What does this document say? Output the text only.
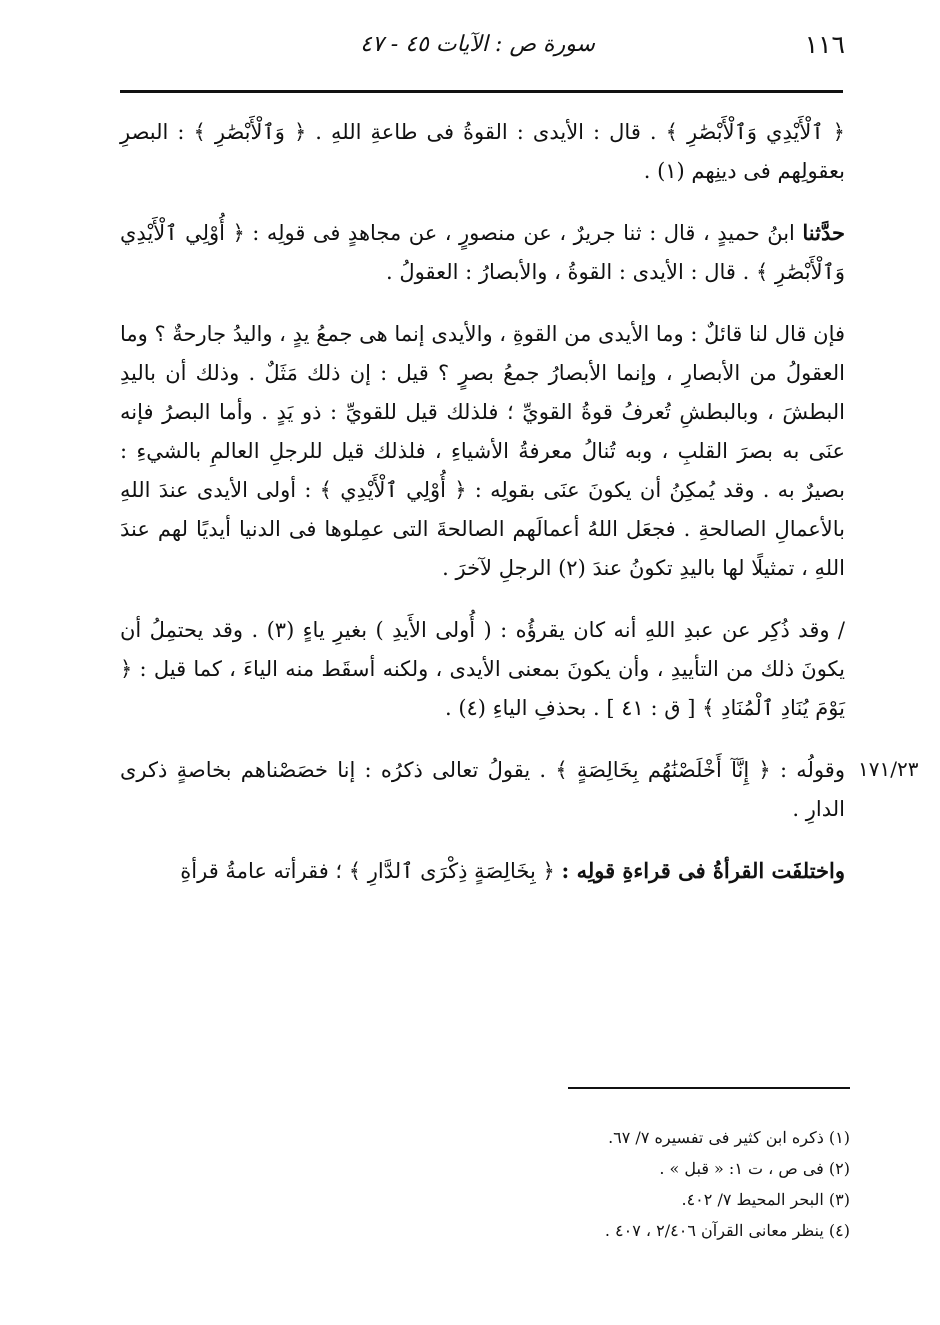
١١٦
سورة ص : الآيات ٤٥ - ٤٧

﴿ ٱلْأَيْدِي وَٱلْأَبْصَٰرِ ﴾ . قال : الأيدى : القوةُ فى طاعةِ اللهِ . ﴿ وَٱلْأَبْصَٰرِ ﴾ : البصرِ بعقولِهم فى دينِهم (١) .

حدَّثنا ابنُ حميدٍ ، قال : ثنا جريرٌ ، عن منصورٍ ، عن مجاهدٍ فى قولِه : ﴿ أُوْلِي ٱلْأَيْدِي وَٱلْأَبْصَٰرِ ﴾ . قال : الأيدى : القوةُ ، والأبصارُ : العقولُ .

فإن قال لنا قائلٌ : وما الأيدى من القوةِ ، والأيدى إنما هى جمعُ يدٍ ، واليدُ جارحةٌ ؟ وما العقولُ من الأبصارِ ، وإنما الأبصارُ جمعُ بصرٍ ؟ قيل : إن ذلك مَثَلٌ . وذلك أن باليدِ البطشَ ، وبالبطشِ تُعرفُ قوةُ القويِّ ؛ فلذلك قيل للقويِّ : ذو يَدٍ . وأما البصرُ فإنه عنَى به بصرَ القلبِ ، وبه تُنالُ معرفةُ الأشياءِ ، فلذلك قيل للرجلِ العالمِ بالشيءِ : بصيرٌ به . وقد يُمكِنُ أن يكونَ عنَى بقولِه : ﴿ أُوْلِي ٱلْأَيْدِي ﴾ : أولى الأيدى عندَ اللهِ بالأعمالِ الصالحةِ . فجعَل اللهُ أعمالَهم الصالحةَ التى عمِلوها فى الدنيا أيديًا لهم عندَ اللهِ ، تمثيلًا لها باليدِ تكونُ عندَ (٢) الرجلِ لآخرَ .

/ وقد ذُكِر عن عبدِ اللهِ أنه كان يقرؤُه : ( أُولى الأَيدِ ) بغيرِ ياءٍ (٣) . وقد يحتمِلُ أن يكونَ ذلك من التأييدِ ، وأن يكونَ بمعنى الأيدى ، ولكنه أسقَط منه الياءَ ، كما قيل : ﴿ يَوْمَ يُنَادِ ٱلْمُنَادِ ﴾ [ ق : ٤١ ] . بحذفِ الياءِ (٤) .

وقولُه : ﴿ إِنَّآ أَخْلَصْنَٰهُم بِخَالِصَةٍ ﴾ . يقولُ تعالى ذكرُه : إنا خصَصْناهم بخاصةٍ ذكرى الدارِ .

واختلفَت القرأةُ فى قراءةِ قولِه : ﴿ بِخَالِصَةٍ ذِكْرَى ٱلدَّارِ ﴾ ؛ فقرأته عامةُ قرأةِ

١٧١/٢٣
(١) ذكره ابن كثير فى تفسيره ٧/ ٦٧.
(٢) فى ص ، ت ١: « قبل » .
(٣) البحر المحيط ٧/ ٤٠٢.
(٤) ينظر معانى القرآن ٢/٤٠٦ ، ٤٠٧ .
